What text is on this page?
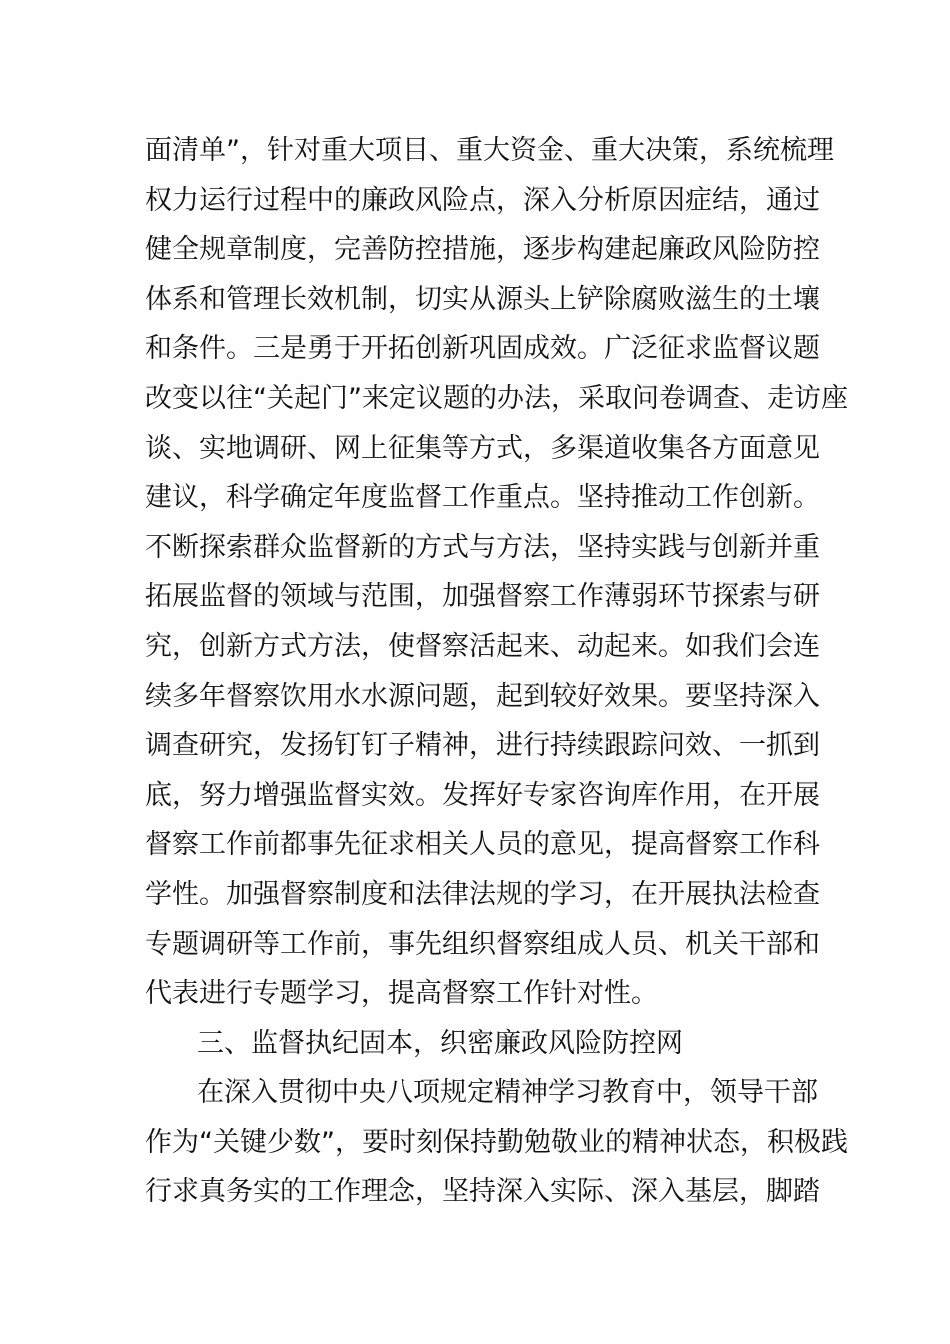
面清单”，针对重大项目、重大资金、重大决策，系统梳理
权力运行过程中的廉政风险点，深入分析原因症结，通过
健全规章制度，完善防控措施，逐步构建起廉政风险防控
体系和管理长效机制，切实从源头上铲除腐败滋生的土壤
和条件。三是勇于开拓创新巩固成效。广泛征求监督议题
改变以往“关起门”来定议题的办法，采取问卷调查、走访座
谈、实地调研、网上征集等方式，多渠道收集各方面意见
建议，科学确定年度监督工作重点。坚持推动工作创新。
不断探索群众监督新的方式与方法，坚持实践与创新并重
拓展监督的领域与范围，加强督察工作薄弱环节探索与研
究，创新方式方法，使督察活起来、动起来。如我们会连
续多年督察饮用水水源问题，起到较好效果。要坚持深入
调查研究，发扬钉钉子精神，进行持续跟踪问效、一抓到
底，努力增强监督实效。发挥好专家咨询库作用，在开展
督察工作前都事先征求相关人员的意见，提高督察工作科
学性。加强督察制度和法律法规的学习，在开展执法检查
专题调研等工作前，事先组织督察组成人员、机关干部和
代表进行专题学习，提高督察工作针对性。
三、监督执纪固本，织密廉政风险防控网
在深入贯彻中央八项规定精神学习教育中，领导干部
作为“关键少数”，要时刻保持勤勉敬业的精神状态，积极践
行求真务实的工作理念，坚持深入实际、深入基层，脚踏
